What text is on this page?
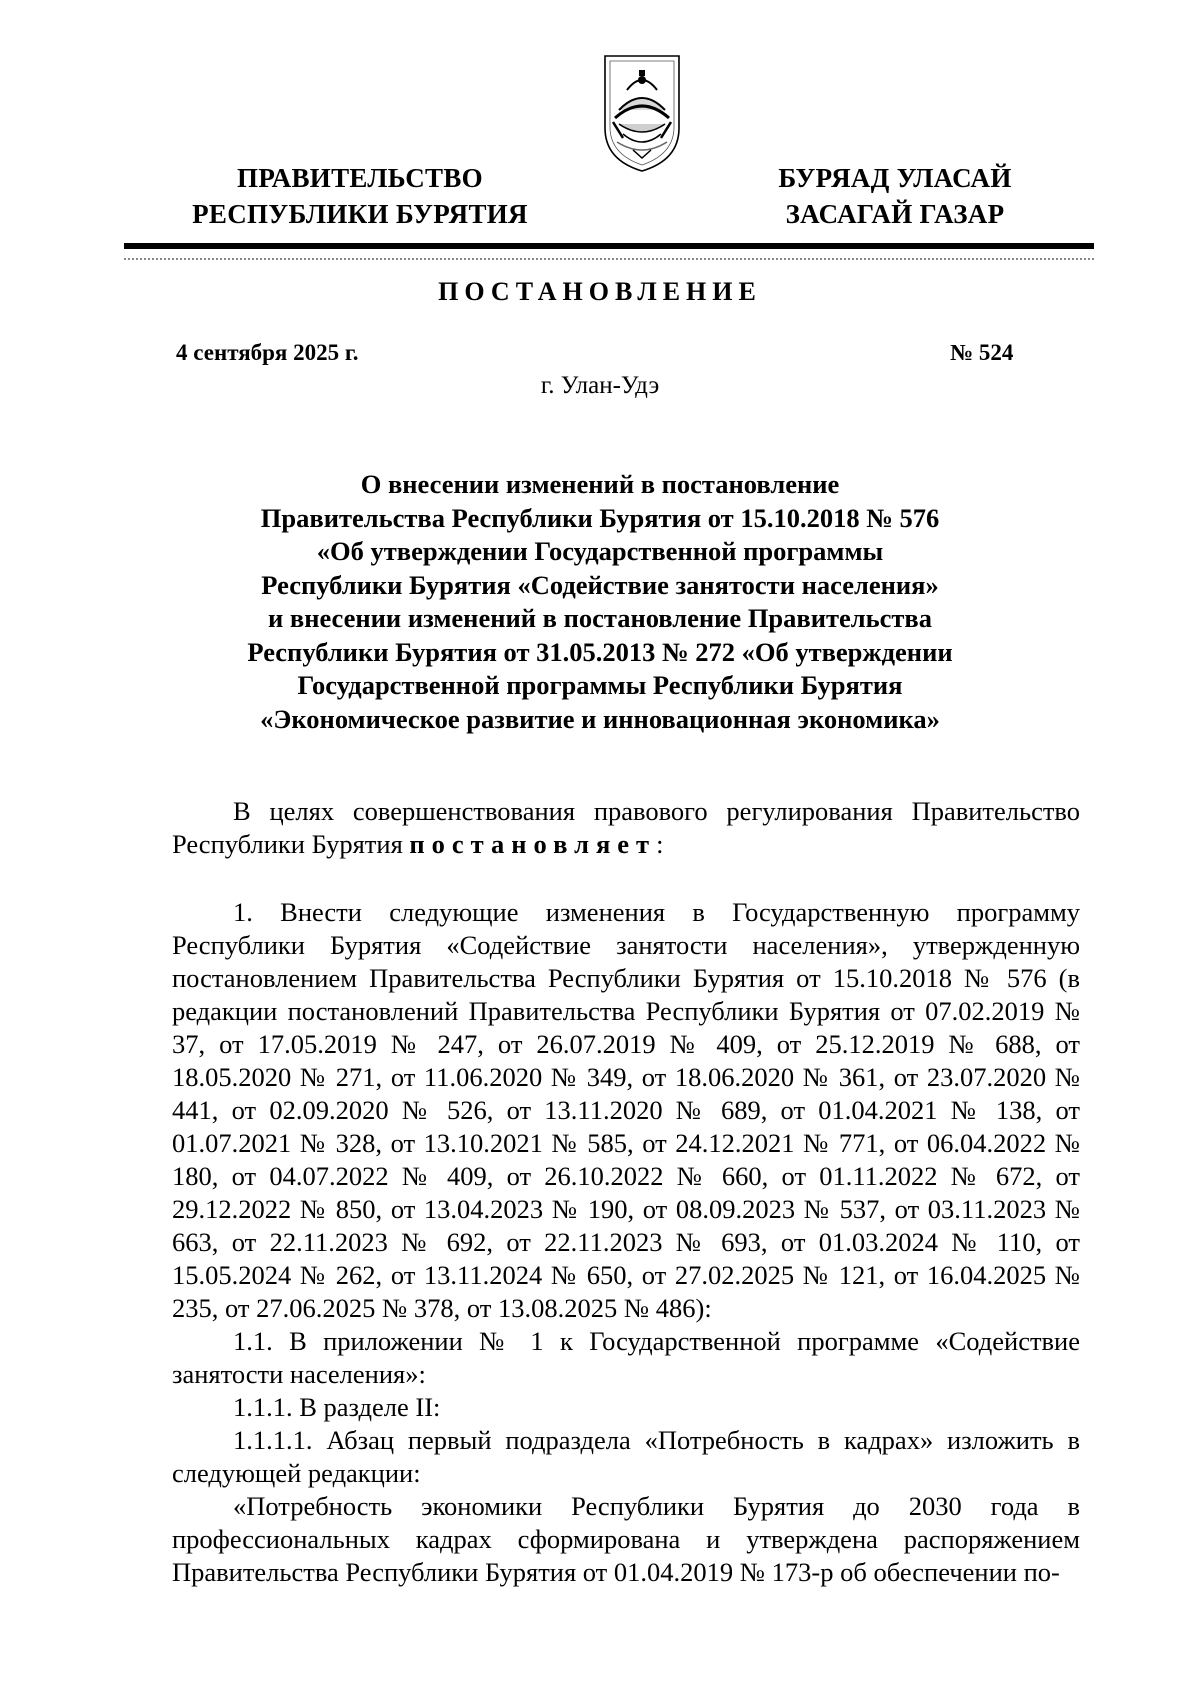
ПРАВИТЕЛЬСТВО
РЕСПУБЛИКИ БУРЯТИЯ
БУРЯАД УЛАСАЙ
ЗАСАГАЙ ГАЗАР
ПОСТАНОВЛЕНИЕ
4 сентября 2025 г.	№ 524
г. Улан-Удэ
О внесении изменений в постановление
Правительства Республики Бурятия от 15.10.2018 № 576
«Об утверждении Государственной программы
Республики Бурятия «Содействие занятости населения»
и внесении изменений в постановление Правительства
Республики Бурятия от 31.05.2013 № 272 «Об утверждении
Государственной программы Республики Бурятия
«Экономическое развитие и инновационная экономика»

В целях совершенствования правового регулирования Правительство Республики Бурятия постановляет:

1. Внести следующие изменения в Государственную программу Республики Бурятия «Содействие занятости населения», утвержденную постановлением Правительства Республики Бурятия от 15.10.2018 № 576 (в редакции постановлений Правительства Республики Бурятия от 07.02.2019 № 37, от 17.05.2019 № 247, от 26.07.2019 № 409, от 25.12.2019 № 688, от 18.05.2020 № 271, от 11.06.2020 № 349, от 18.06.2020 № 361, от 23.07.2020 № 441, от 02.09.2020 № 526, от 13.11.2020 № 689, от 01.04.2021 № 138, от 01.07.2021 № 328, от 13.10.2021 № 585, от 24.12.2021 № 771, от 06.04.2022 № 180, от 04.07.2022 № 409, от 26.10.2022 № 660, от 01.11.2022 № 672, от 29.12.2022 № 850, от 13.04.2023 № 190, от 08.09.2023 № 537, от 03.11.2023 № 663, от 22.11.2023 № 692, от 22.11.2023 № 693, от 01.03.2024 № 110, от 15.05.2024 № 262, от 13.11.2024 № 650, от 27.02.2025 № 121, от 16.04.2025 № 235, от 27.06.2025 № 378, от 13.08.2025 № 486):

1.1. В приложении № 1 к Государственной программе «Содействие занятости населения»:

1.1.1. В разделе II:

1.1.1.1. Абзац первый подраздела «Потребность в кадрах» изложить в следующей редакции:

«Потребность экономики Республики Бурятия до 2030 года в профессиональных кадрах сформирована и утверждена распоряжением Правительства Республики Бурятия от 01.04.2019 № 173-р об обеспечении по-
